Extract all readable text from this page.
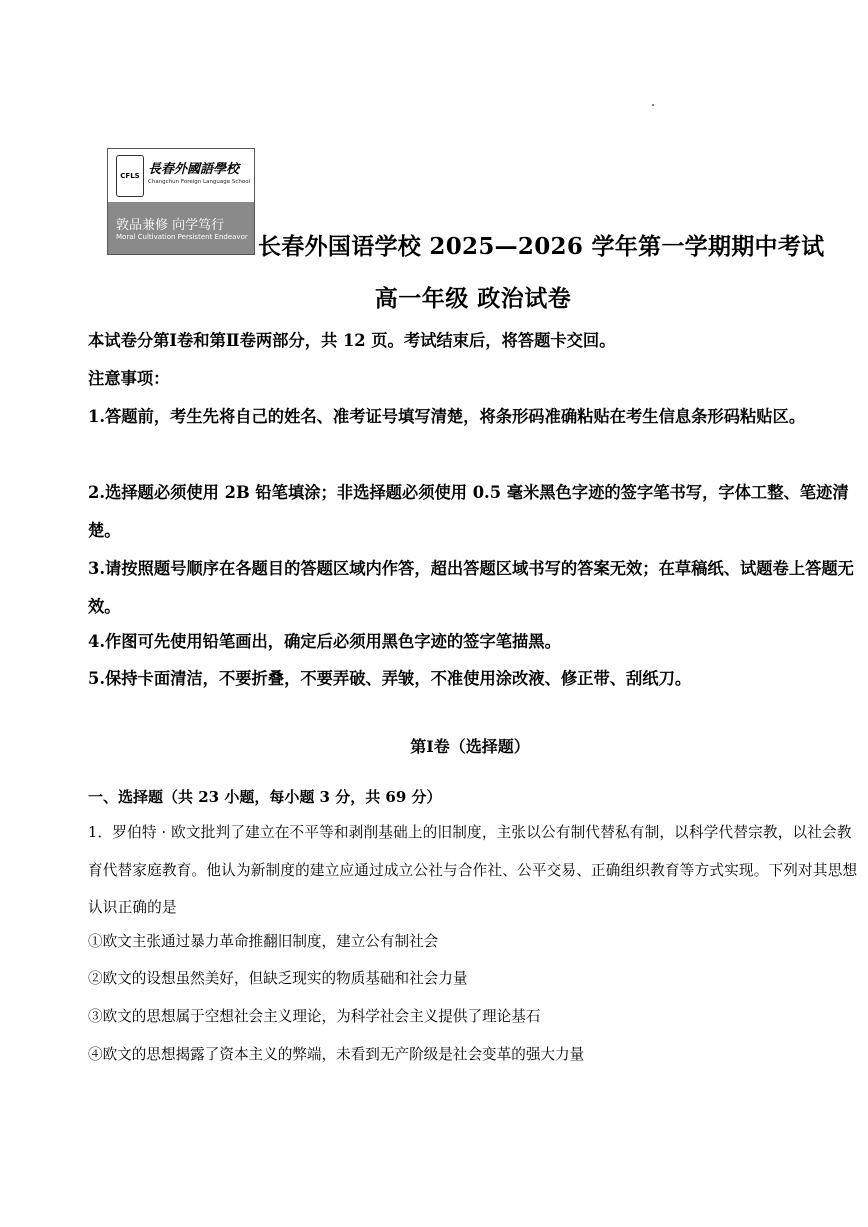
CFLS 長春外國語學校
Changchun Foreign Language School
敦品兼修 向学笃行
Moral Cultivation Persistent Endeavor 长春外国语学校 2025—2026 学年第一学期期中考试
高一年级 政治试卷
本试卷分第Ⅰ卷和第Ⅱ卷两部分，共 12 页。考试结束后，将答题卡交回。
注意事项：
1.答题前，考生先将自己的姓名、准考证号填写清楚，将条形码准确粘贴在考生信息条形码粘贴区。
2.选择题必须使用 2B 铅笔填涂；非选择题必须使用 0.5 毫米黑色字迹的签字笔书写，字体工整、笔迹清楚。
3.请按照题号顺序在各题目的答题区域内作答，超出答题区域书写的答案无效；在草稿纸、试题卷上答题无效。
4.作图可先使用铅笔画出，确定后必须用黑色字迹的签字笔描黑。
5.保持卡面清洁，不要折叠，不要弄破、弄皱，不准使用涂改液、修正带、刮纸刀。
第Ⅰ卷（选择题）
一、选择题（共 23 小题，每小题 3 分，共 69 分）
1．罗伯特 · 欧文批判了建立在不平等和剥削基础上的旧制度，主张以公有制代替私有制，以科学代替宗教，以社会教育代替家庭教育。他认为新制度的建立应通过成立公社与合作社、公平交易、正确组织教育等方式实现。下列对其思想认识正确的是
①欧文主张通过暴力革命推翻旧制度，建立公有制社会
②欧文的设想虽然美好，但缺乏现实的物质基础和社会力量
③欧文的思想属于空想社会主义理论，为科学社会主义提供了理论基石
④欧文的思想揭露了资本主义的弊端，未看到无产阶级是社会变革的强大力量
